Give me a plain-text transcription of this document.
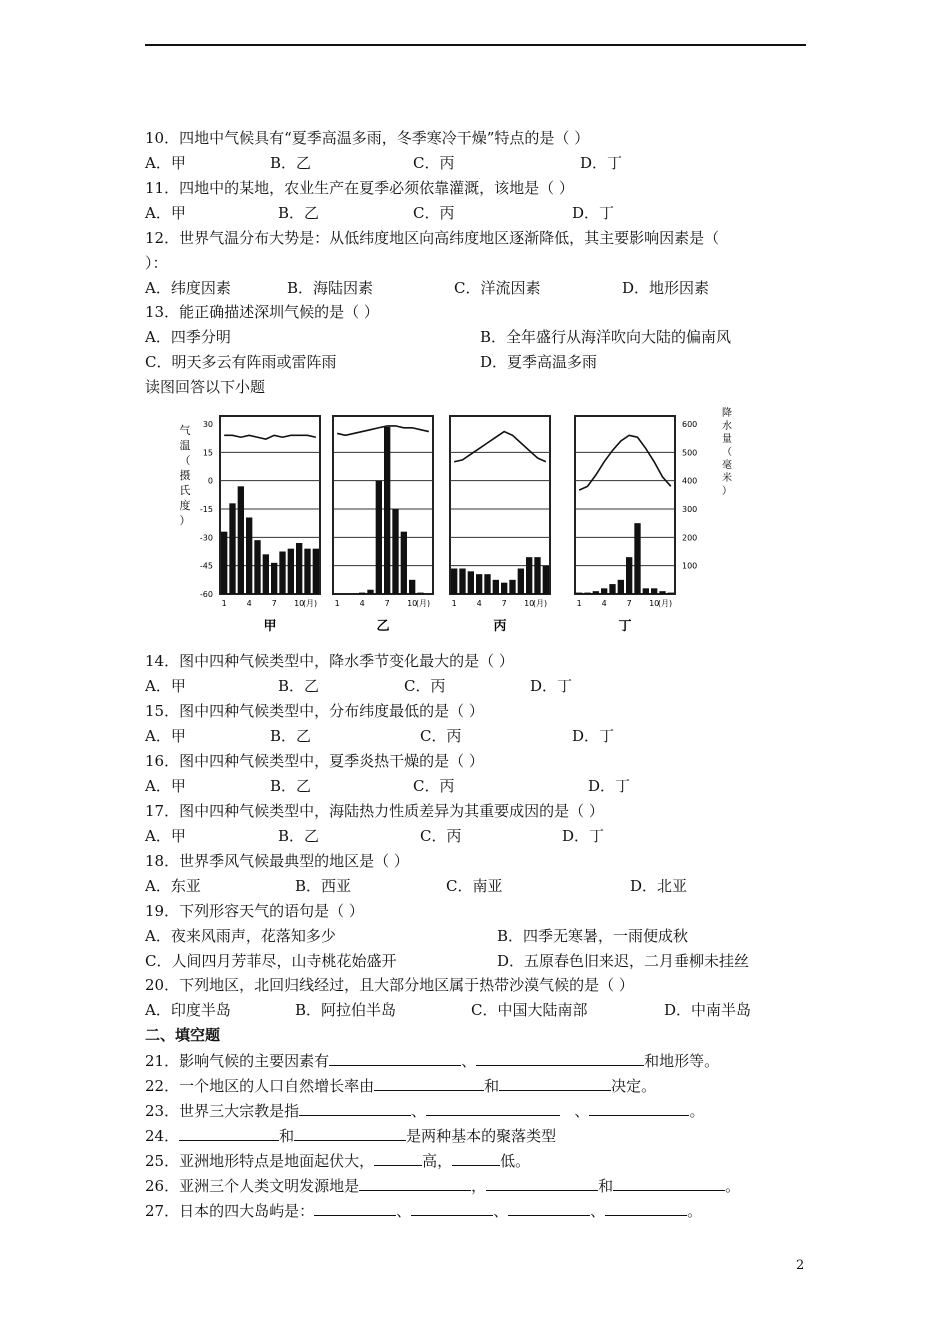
10．四地中气候具有“夏季高温多雨，冬季寒冷干燥”特点的是（ ）
A．甲	B．乙	C．丙	D．丁
11．四地中的某地，农业生产在夏季必须依靠灌溉，该地是（ ）
A．甲	B．乙	C．丙	D．丁
12．世界气温分布大势是：从低纬度地区向高纬度地区逐渐降低，其主要影响因素是（
）：
A．纬度因素	B．海陆因素	C．洋流因素	D．地形因素
13．能正确描述深圳气候的是（ ）
A．四季分明	B．全年盛行从海洋吹向大陆的偏南风
C．明天多云有阵雨或雷阵雨	D．夏季高温多雨
读图回答以下小题
30
15
0
-15
-30
-45
-60
气
温
（
摄
氏
度
）
600
500
400
300
200
100
降
水
量
（
毫
米
）
1 4 7 10
(月)
甲
1 4 7 10
(月)
乙
1 4 7 10
(月)
丙
1 4 7 10
(月)
丁
14．图中四种气候类型中，降水季节变化最大的是（ ）
A．甲	B．乙	C．丙	D．丁
15．图中四种气候类型中，分布纬度最低的是（ ）
A．甲	B．乙	C．丙	D．丁
16．图中四种气候类型中，夏季炎热干燥的是（ ）
A．甲	B．乙	C．丙	D．丁
17．图中四种气候类型中，海陆热力性质差异为其重要成因的是（ ）
A．甲	B．乙	C．丙	D．丁
18．世界季风气候最典型的地区是（ ）
A．东亚	B．西亚	C．南亚	D．北亚
19．下列形容天气的语句是（ ）
A．夜来风雨声，花落知多少	B．四季无寒暑，一雨便成秋
C．人间四月芳菲尽，山寺桃花始盛开	D．五原春色旧来迟，二月垂柳未挂丝
20．下列地区，北回归线经过，且大部分地区属于热带沙漠气候的是（ ）
A．印度半岛	B．阿拉伯半岛	C．中国大陆南部	D．中南半岛
二、填空题
21．影响气候的主要因素有	、	和地形等。
22．一个地区的人口自然增长率由	和	决定。
23．世界三大宗教是指	、	、	。
24．	和	是两种基本的聚落类型
25．亚洲地形特点是地面起伏大，	高，	低。
26．亚洲三个人类文明发源地是	，	和	。
27．日本的四大岛屿是：	、	、	、	。
2
